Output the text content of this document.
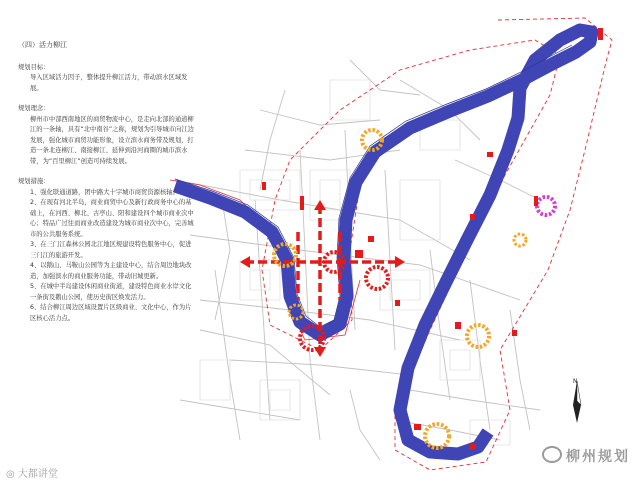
N

（四）活力柳江

规划目标：

导入区域活力因子，整体提升柳江活力，带动滨水区域发展。

规划理念：

柳州市中部西南地区的商贸物流中心，是走向北部的通道柳江的一条轴，具有“北中南谷”之称，规划为引导城市向江边发展，强化城市商贸功能形象，设立滨水商务带及规划，打造一条北连柳江、南接柳江、延伸到沿河商圈的城市滨水带，为“百里柳江”创造可持续发展。

规划措施：

1、强化联通道路，团中路大十字城市商贸资源核轴。

2、在现有河北半岛，商业商贸中心及新行政商务中心的基础上，在河西、柳北、古亭山、阳和建设四个城市商业次中心；特品广过往而商业改造建设为城市商业次中心，完善城市的公共服务系统。

3、在三门江森林公园北江地区规建设特色服务中心，促进三门江的旅游开发。

4、以鹅山、马鞍山公园等为主建设中心，结合周边地块改造，加强滨水的商业服务功能，带动旧城更新。

5、在城中半岛建设休闲商业街道，建设特色商业水岸文化一条街及鹅山公园，使历史街区焕发活力。

6、结合柳江周边区域设置片区级商业、文化中心，作为片区核心活力点。

◎ 大都讲堂
柳州规划
